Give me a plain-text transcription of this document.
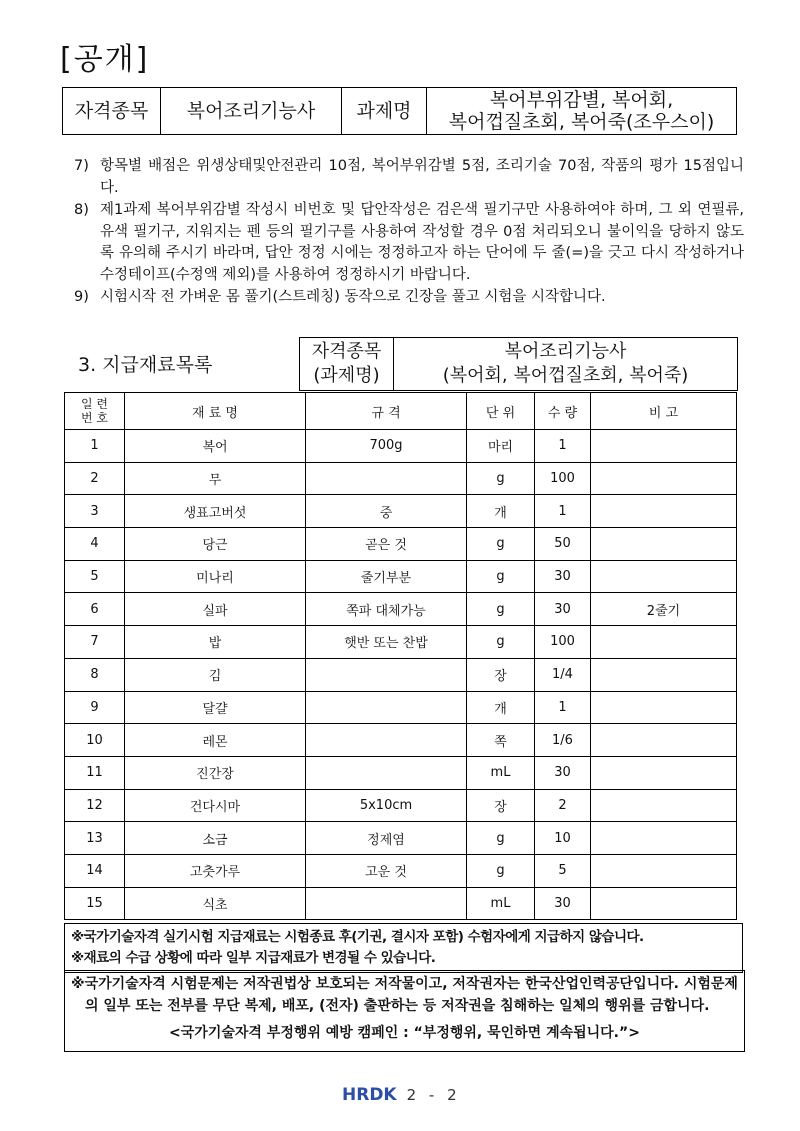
[공개]
자격종목	복어조리기능사	과제명	복어부위감별, 복어회,
복어껍질초회, 복어죽(조우스이)
7) 항목별 배점은 위생상태및안전관리 10점, 복어부위감별 5점, 조리기술 70점, 작품의 평가 15점입니다.
8) 제1과제 복어부위감별 작성시 비번호 및 답안작성은 검은색 필기구만 사용하여야 하며, 그 외 연필류, 유색 필기구, 지워지는 펜 등의 필기구를 사용하여 작성할 경우 0점 처리되오니 불이익을 당하지 않도록 유의해 주시기 바라며, 답안 정정 시에는 정정하고자 하는 단어에 두 줄(=)을 긋고 다시 작성하거나 수정테이프(수정액 제외)를 사용하여 정정하시기 바랍니다.
9) 시험시작 전 가벼운 몸 풀기(스트레칭) 동작으로 긴장을 풀고 시험을 시작합니다.
3. 지급재료목록
자격종목
(과제명)

복어조리기능사
(복어회, 복어껍질초회, 복어죽)
일 련
번 호	재 료 명	규 격	단 위	수 량	비 고
1	복어	700g	마리	1	
2	무		g	100	
3	생표고버섯	중	개	1	
4	당근	곧은 것	g	50	
5	미나리	줄기부분	g	30	
6	실파	쪽파 대체가능	g	30	2줄기
7	밥	햇반 또는 찬밥	g	100	
8	김		장	1/4	
9	달걀		개	1	
10	레몬		쪽	1/6	
11	진간장		mL	30	
12	건다시마	5x10cm	장	2	
13	소금	정제염	g	10	
14	고춧가루	고운 것	g	5	
15	식초		mL	30	
※국가기술자격 실기시험 지급재료는 시험종료 후(기권, 결시자 포함) 수험자에게 지급하지 않습니다.
※재료의 수급 상황에 따라 일부 지급재료가 변경될 수 있습니다.
※국가기술자격 시험문제는 저작권법상 보호되는 저작물이고, 저작권자는 한국산업인력공단입니다. 시험문제의 일부 또는 전부를 무단 복제, 배포, (전자) 출판하는 등 저작권을 침해하는 일체의 행위를 금합니다.
<국가기술자격 부정행위 예방 캠페인 : “부정행위, 묵인하면 계속됩니다.”>
HRDK 2 - 2
